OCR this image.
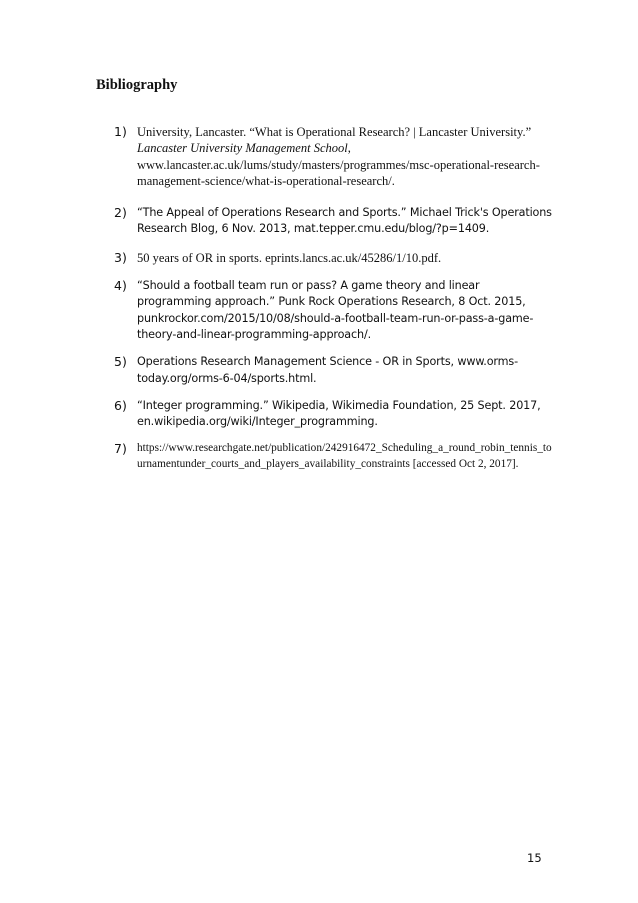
Bibliography
1) University, Lancaster. “What is Operational Research? | Lancaster University.” Lancaster University Management School, www.lancaster.ac.uk/lums/study/masters/programmes/msc-operational-research-management-science/what-is-operational-research/.
2) “The Appeal of Operations Research and Sports.” Michael Trick's Operations Research Blog, 6 Nov. 2013, mat.tepper.cmu.edu/blog/?p=1409.
3) 50 years of OR in sports. eprints.lancs.ac.uk/45286/1/10.pdf.
4) “Should a football team run or pass? A game theory and linear programming approach.” Punk Rock Operations Research, 8 Oct. 2015, punkrockor.com/2015/10/08/should-a-football-team-run-or-pass-a-game-theory-and-linear-programming-approach/.
5) Operations Research Management Science - OR in Sports, www.orms-today.org/orms-6-04/sports.html.
6) “Integer programming.” Wikipedia, Wikimedia Foundation, 25 Sept. 2017, en.wikipedia.org/wiki/Integer_programming.
7) https://www.researchgate.net/publication/242916472_Scheduling_a_round_robin_tennis_tournamentunder_courts_and_players_availability_constraints [accessed Oct 2, 2017].
15
